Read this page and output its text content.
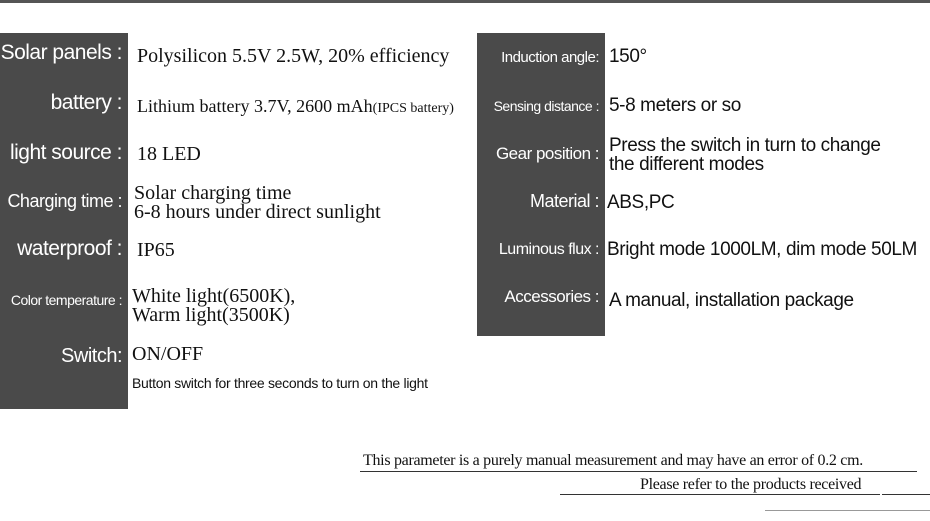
Solar panels :
battery :
light source :
Charging time :
waterproof :
Color temperature :
Switch:
Polysilicon 5.5V 2.5W, 20% efficiency
Lithium battery 3.7V, 2600 mAh(IPCS battery)
18 LED
Solar charging time
6-8 hours under direct sunlight
IP65
White light(6500K),
Warm light(3500K)
ON/OFF
Button switch for three seconds to turn on the light
Induction angle:
Sensing distance :
Gear position :
Material :
Luminous flux :
Accessories :
150°
5-8 meters or so
Press the switch in turn to change
the different modes
ABS,PC
Bright mode 1000LM, dim mode 50LM
A manual, installation package
This parameter is a purely manual measurement and may have an error of 0.2 cm.
Please refer to the products received
